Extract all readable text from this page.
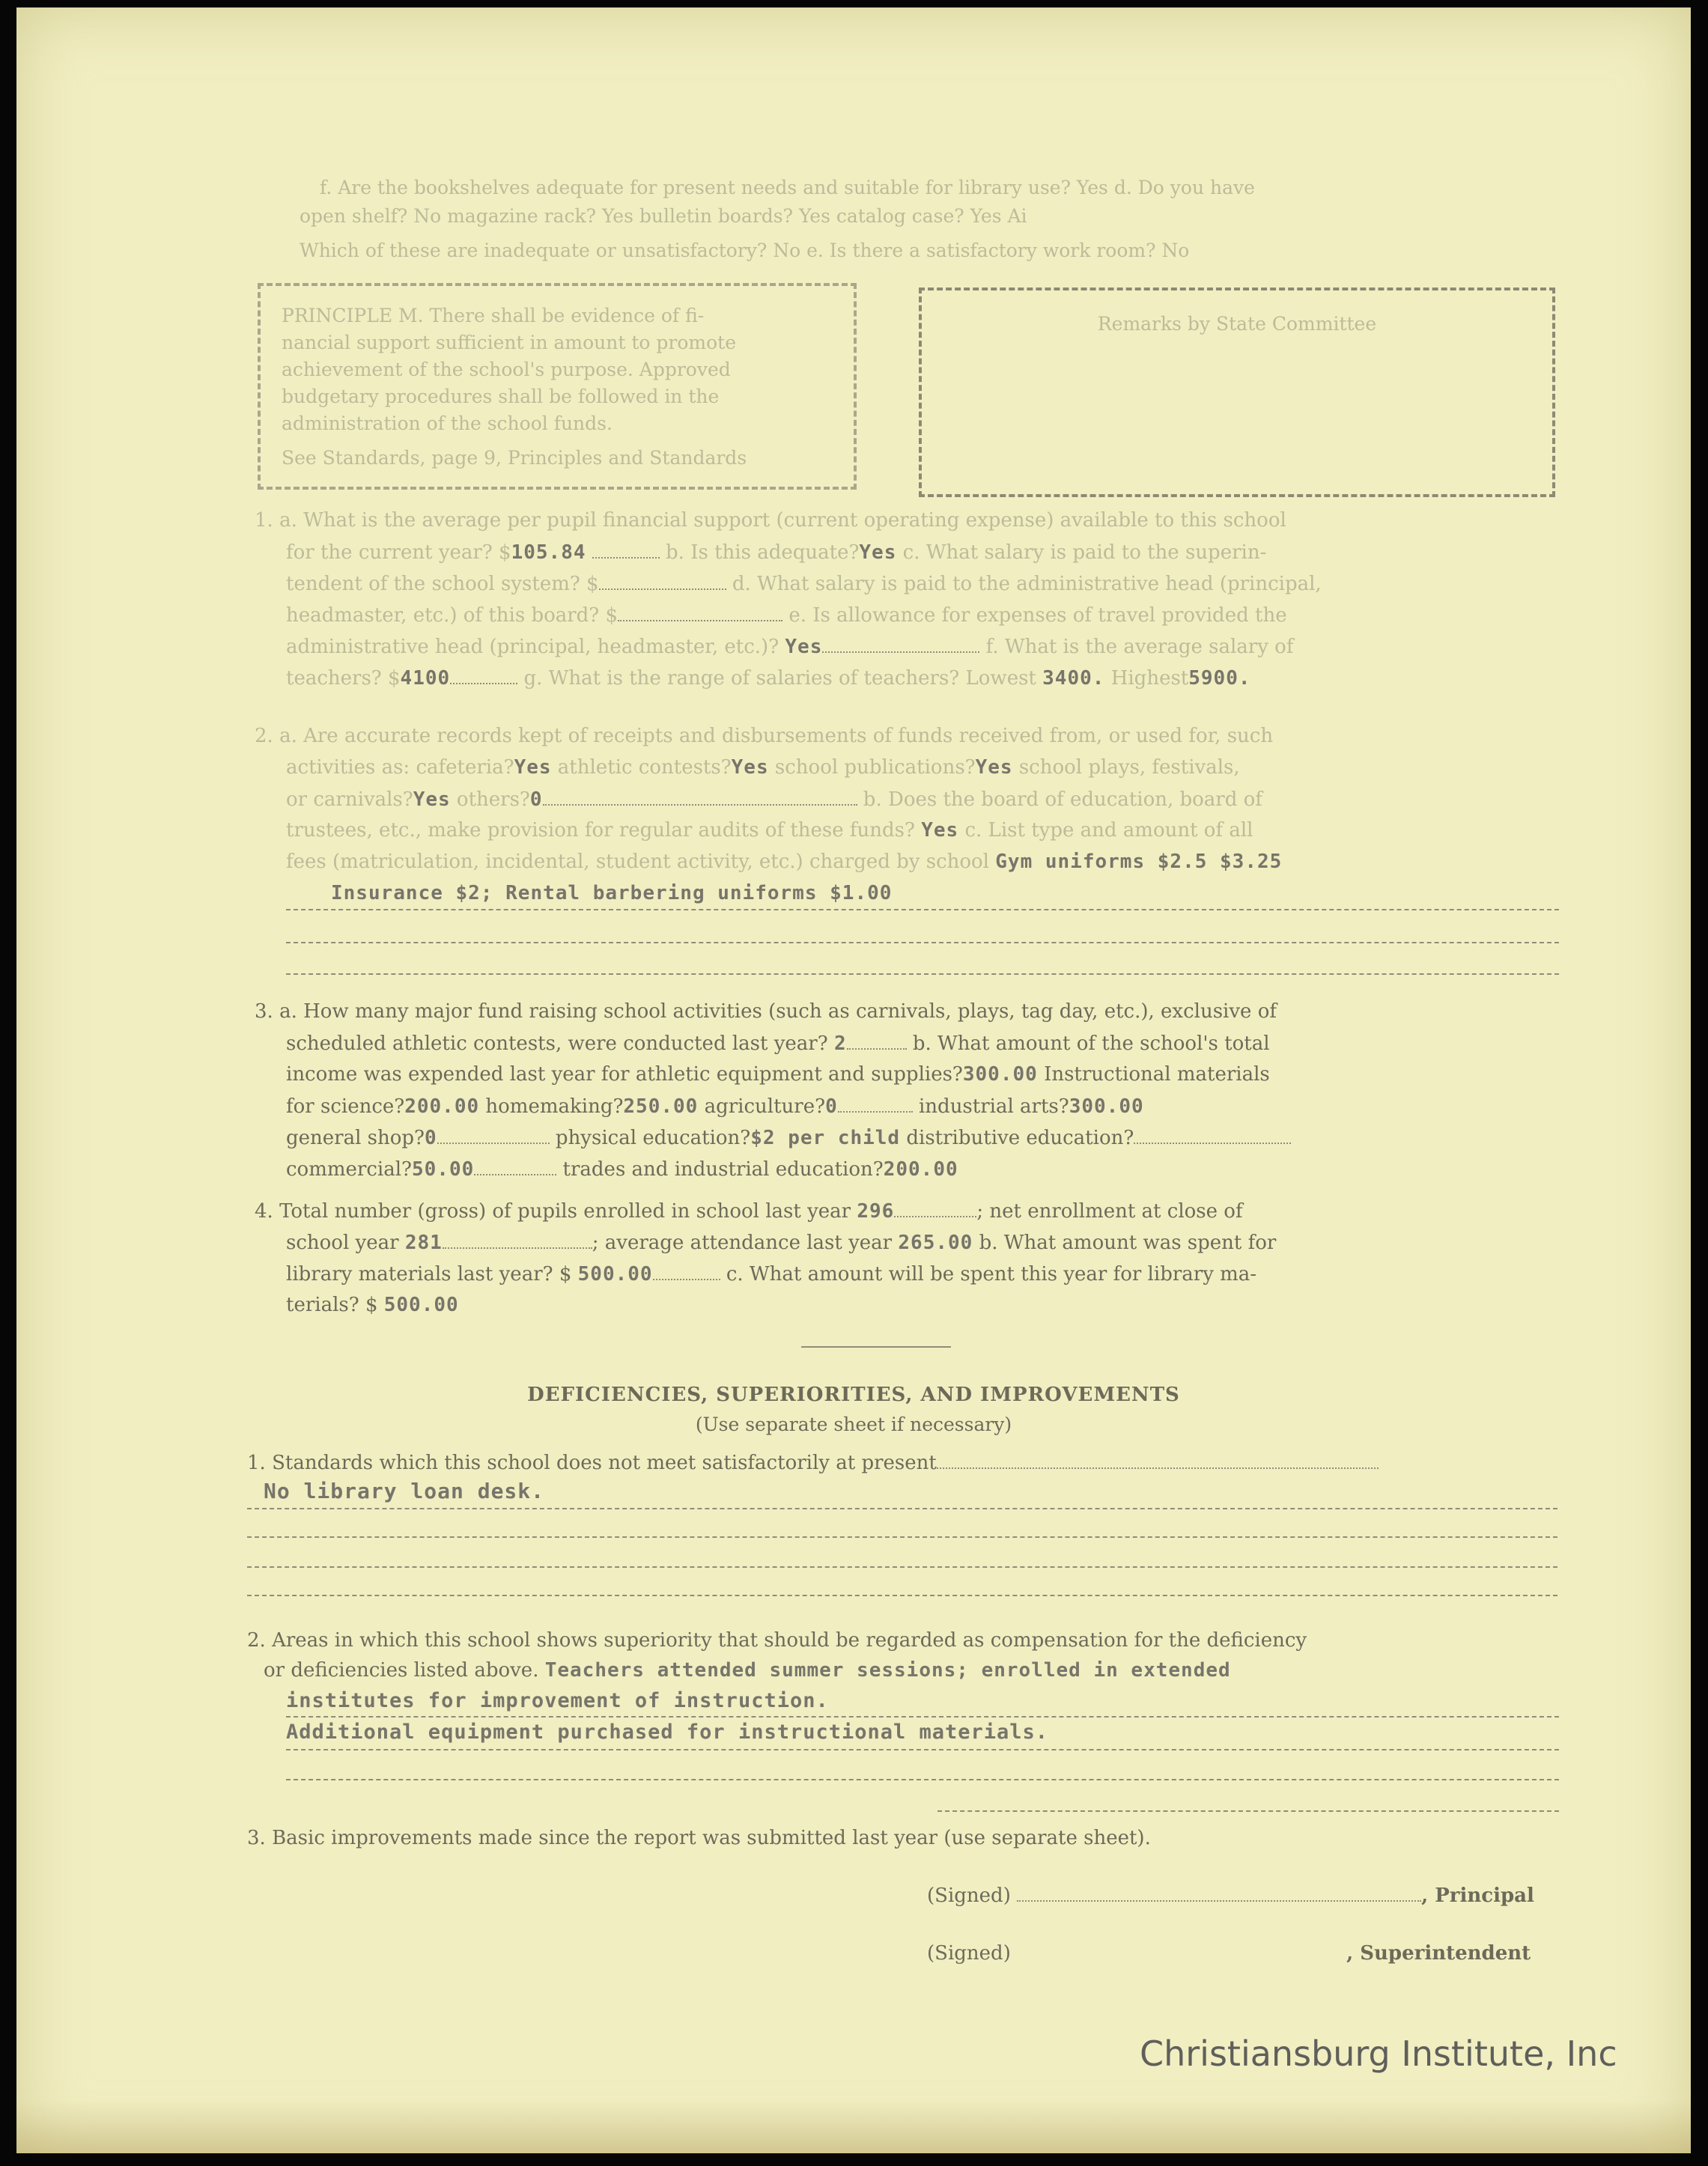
f. Are the bookshelves adequate for present needs and suitable for library use? Yes d. Do you have
open shelf? No magazine rack? Yes bulletin boards? Yes catalog case? Yes Ai
Which of these are inadequate or unsatisfactory? No e. Is there a satisfactory work room? No
PRINCIPLE M. There shall be evidence of fi-
nancial support sufficient in amount to promote
achievement of the school's purpose. Approved
budgetary procedures shall be followed in the
administration of the school funds.
See Standards, page 9, Principles and Standards
Remarks by State Committee
1. a. What is the average per pupil financial support (current operating expense) available to this school
for the current year? $105.84	b. Is this adequate?Yes c. What salary is paid to the superin-
tendent of the school system? $	d. What salary is paid to the administrative head (principal,
headmaster, etc.) of this board? $	e. Is allowance for expenses of travel provided the
administrative head (principal, headmaster, etc.)? Yes	f. What is the average salary of
teachers? $4100	g. What is the range of salaries of teachers? Lowest 3400. Highest5900.
2. a. Are accurate records kept of receipts and disbursements of funds received from, or used for, such
activities as: cafeteria?Yes athletic contests?Yes school publications?Yes school plays, festivals,
or carnivals?Yes others?0	b. Does the board of education, board of
trustees, etc., make provision for regular audits of these funds? Yes c. List type and amount of all
fees (matriculation, incidental, student activity, etc.) charged by school Gym uniforms $2.5 $3.25
Insurance $2; Rental barbering uniforms $1.00
3. a. How many major fund raising school activities (such as carnivals, plays, tag day, etc.), exclusive of
scheduled athletic contests, were conducted last year? 2	b. What amount of the school's total
income was expended last year for athletic equipment and supplies?300.00 Instructional materials
for science?200.00 homemaking?250.00 agriculture?0	industrial arts?300.00
general shop?0	physical education?$2 per child distributive education?
commercial?50.00	trades and industrial education?200.00
4. Total number (gross) of pupils enrolled in school last year 296	; net enrollment at close of
school year 281	; average attendance last year 265.00 b. What amount was spent for
library materials last year? $ 500.00	c. What amount will be spent this year for library ma-
terials? $ 500.00
DEFICIENCIES, SUPERIORITIES, AND IMPROVEMENTS
(Use separate sheet if necessary)
1. Standards which this school does not meet satisfactorily at present
No library loan desk.
2. Areas in which this school shows superiority that should be regarded as compensation for the deficiency
or deficiencies listed above. Teachers attended summer sessions; enrolled in extended
institutes for improvement of instruction.
Additional equipment purchased for instructional materials.
3. Basic improvements made since the report was submitted last year (use separate sheet).
(Signed)	, Principal
(Signed)	, Superintendent
Christiansburg Institute, Inc
